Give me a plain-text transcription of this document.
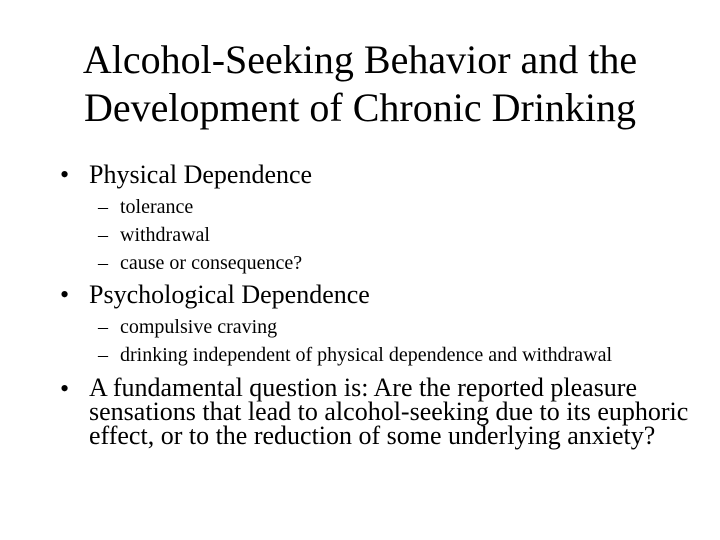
Alcohol-Seeking Behavior and the
Development of Chronic Drinking
• Physical Dependence
– tolerance
– withdrawal
– cause or consequence?
• Psychological Dependence
– compulsive craving
– drinking independent of physical dependence and withdrawal
• A fundamental question is: Are the reported pleasure sensations that lead to alcohol-seeking due to its euphoric effect, or to the reduction of some underlying anxiety?
